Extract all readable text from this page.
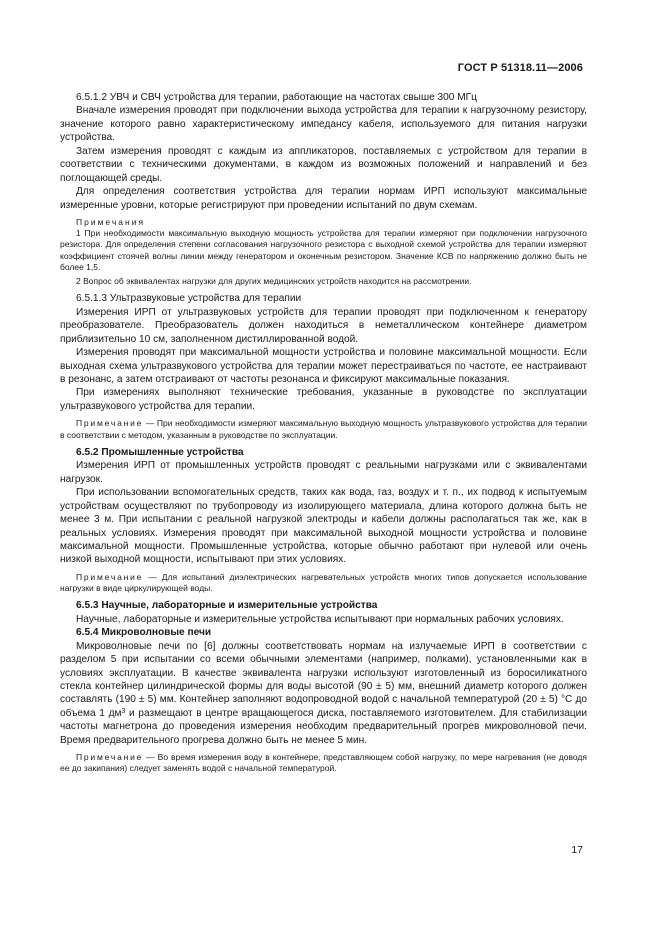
ГОСТ Р 51318.11—2006

6.5.1.2 УВЧ и СВЧ устройства для терапии, работающие на частотах свыше 300 МГц

Вначале измерения проводят при подключении выхода устройства для терапии к нагрузочному резистору, значение которого равно характеристическому импедансу кабеля, используемого для питания нагрузки устройства.

Затем измерения проводят с каждым из аппликаторов, поставляемых с устройством для терапии в соответствии с техническими документами, в каждом из возможных положений и направлений и без поглощающей среды.

Для определения соответствия устройства для терапии нормам ИРП используют максимальные измеренные уровни, которые регистрируют при проведении испытаний по двум схемам.

Примечания

1 При необходимости максимальную выходную мощность устройства для терапии измеряют при подключении нагрузочного резистора. Для определения степени согласования нагрузочного резистора с выходной схемой устройства для терапии измеряют коэффициент стоячей волны линии между генератором и оконечным резистором. Значение КСВ по напряжению должно быть не более 1,5.

2 Вопрос об эквивалентах нагрузки для других медицинских устройств находится на рассмотрении.

6.5.1.3 Ультразвуковые устройства для терапии

Измерения ИРП от ультразвуковых устройств для терапии проводят при подключенном к генератору преобразователе. Преобразователь должен находиться в неметаллическом контейнере диаметром приблизительно 10 см, заполненном дистиллированной водой.

Измерения проводят при максимальной мощности устройства и половине максимальной мощности. Если выходная схема ультразвукового устройства для терапии может перестраиваться по частоте, ее настраивают в резонанс, а затем отстраивают от частоты резонанса и фиксируют максимальные показания.

При измерениях выполняют технические требования, указанные в руководстве по эксплуатации ультразвукового устройства для терапии.

Примечание — При необходимости измеряют максимальную выходную мощность ультразвукового устройства для терапии в соответствии с методом, указанным в руководстве по эксплуатации.

6.5.2 Промышленные устройства

Измерения ИРП от промышленных устройств проводят с реальными нагрузками или с эквивалентами нагрузок.

При использовании вспомогательных средств, таких как вода, газ, воздух и т. п., их подвод к испытуемым устройствам осуществляют по трубопроводу из изолирующего материала, длина которого должна быть не менее 3 м. При испытании с реальной нагрузкой электроды и кабели должны располагаться так же, как в реальных условиях. Измерения проводят при максимальной выходной мощности устройства и половине максимальной мощности. Промышленные устройства, которые обычно работают при нулевой или очень низкой выходной мощности, испытывают при этих условиях.

Примечание — Для испытаний диэлектрических нагревательных устройств многих типов допускается использование нагрузки в виде циркулирующей воды.

6.5.3 Научные, лабораторные и измерительные устройства

Научные, лабораторные и измерительные устройства испытывают при нормальных рабочих условиях.

6.5.4 Микроволновые печи

Микроволновые печи по [6] должны соответствовать нормам на излучаемые ИРП в соответствии с разделом 5 при испытании со всеми обычными элементами (например, полками), установленными как в условиях эксплуатации. В качестве эквивалента нагрузки используют изготовленный из боросиликатного стекла контейнер цилиндрической формы для воды высотой (90 ± 5) мм, внешний диаметр которого должен составлять (190 ± 5) мм. Контейнер заполняют водопроводной водой с начальной температурой (20 ± 5) °С до объема 1 $дм^3$ и размещают в центре вращающегося диска, поставляемого изготовителем. Для стабилизации частоты магнетрона до проведения измерения необходим предварительный прогрев микроволновой печи. Время предварительного прогрева должно быть не менее 5 мин.

Примечание — Во время измерения воду в контейнере, представляющем собой нагрузку, по мере нагревания (не доводя ее до закипания) следует заменять водой с начальной температурой.

17
